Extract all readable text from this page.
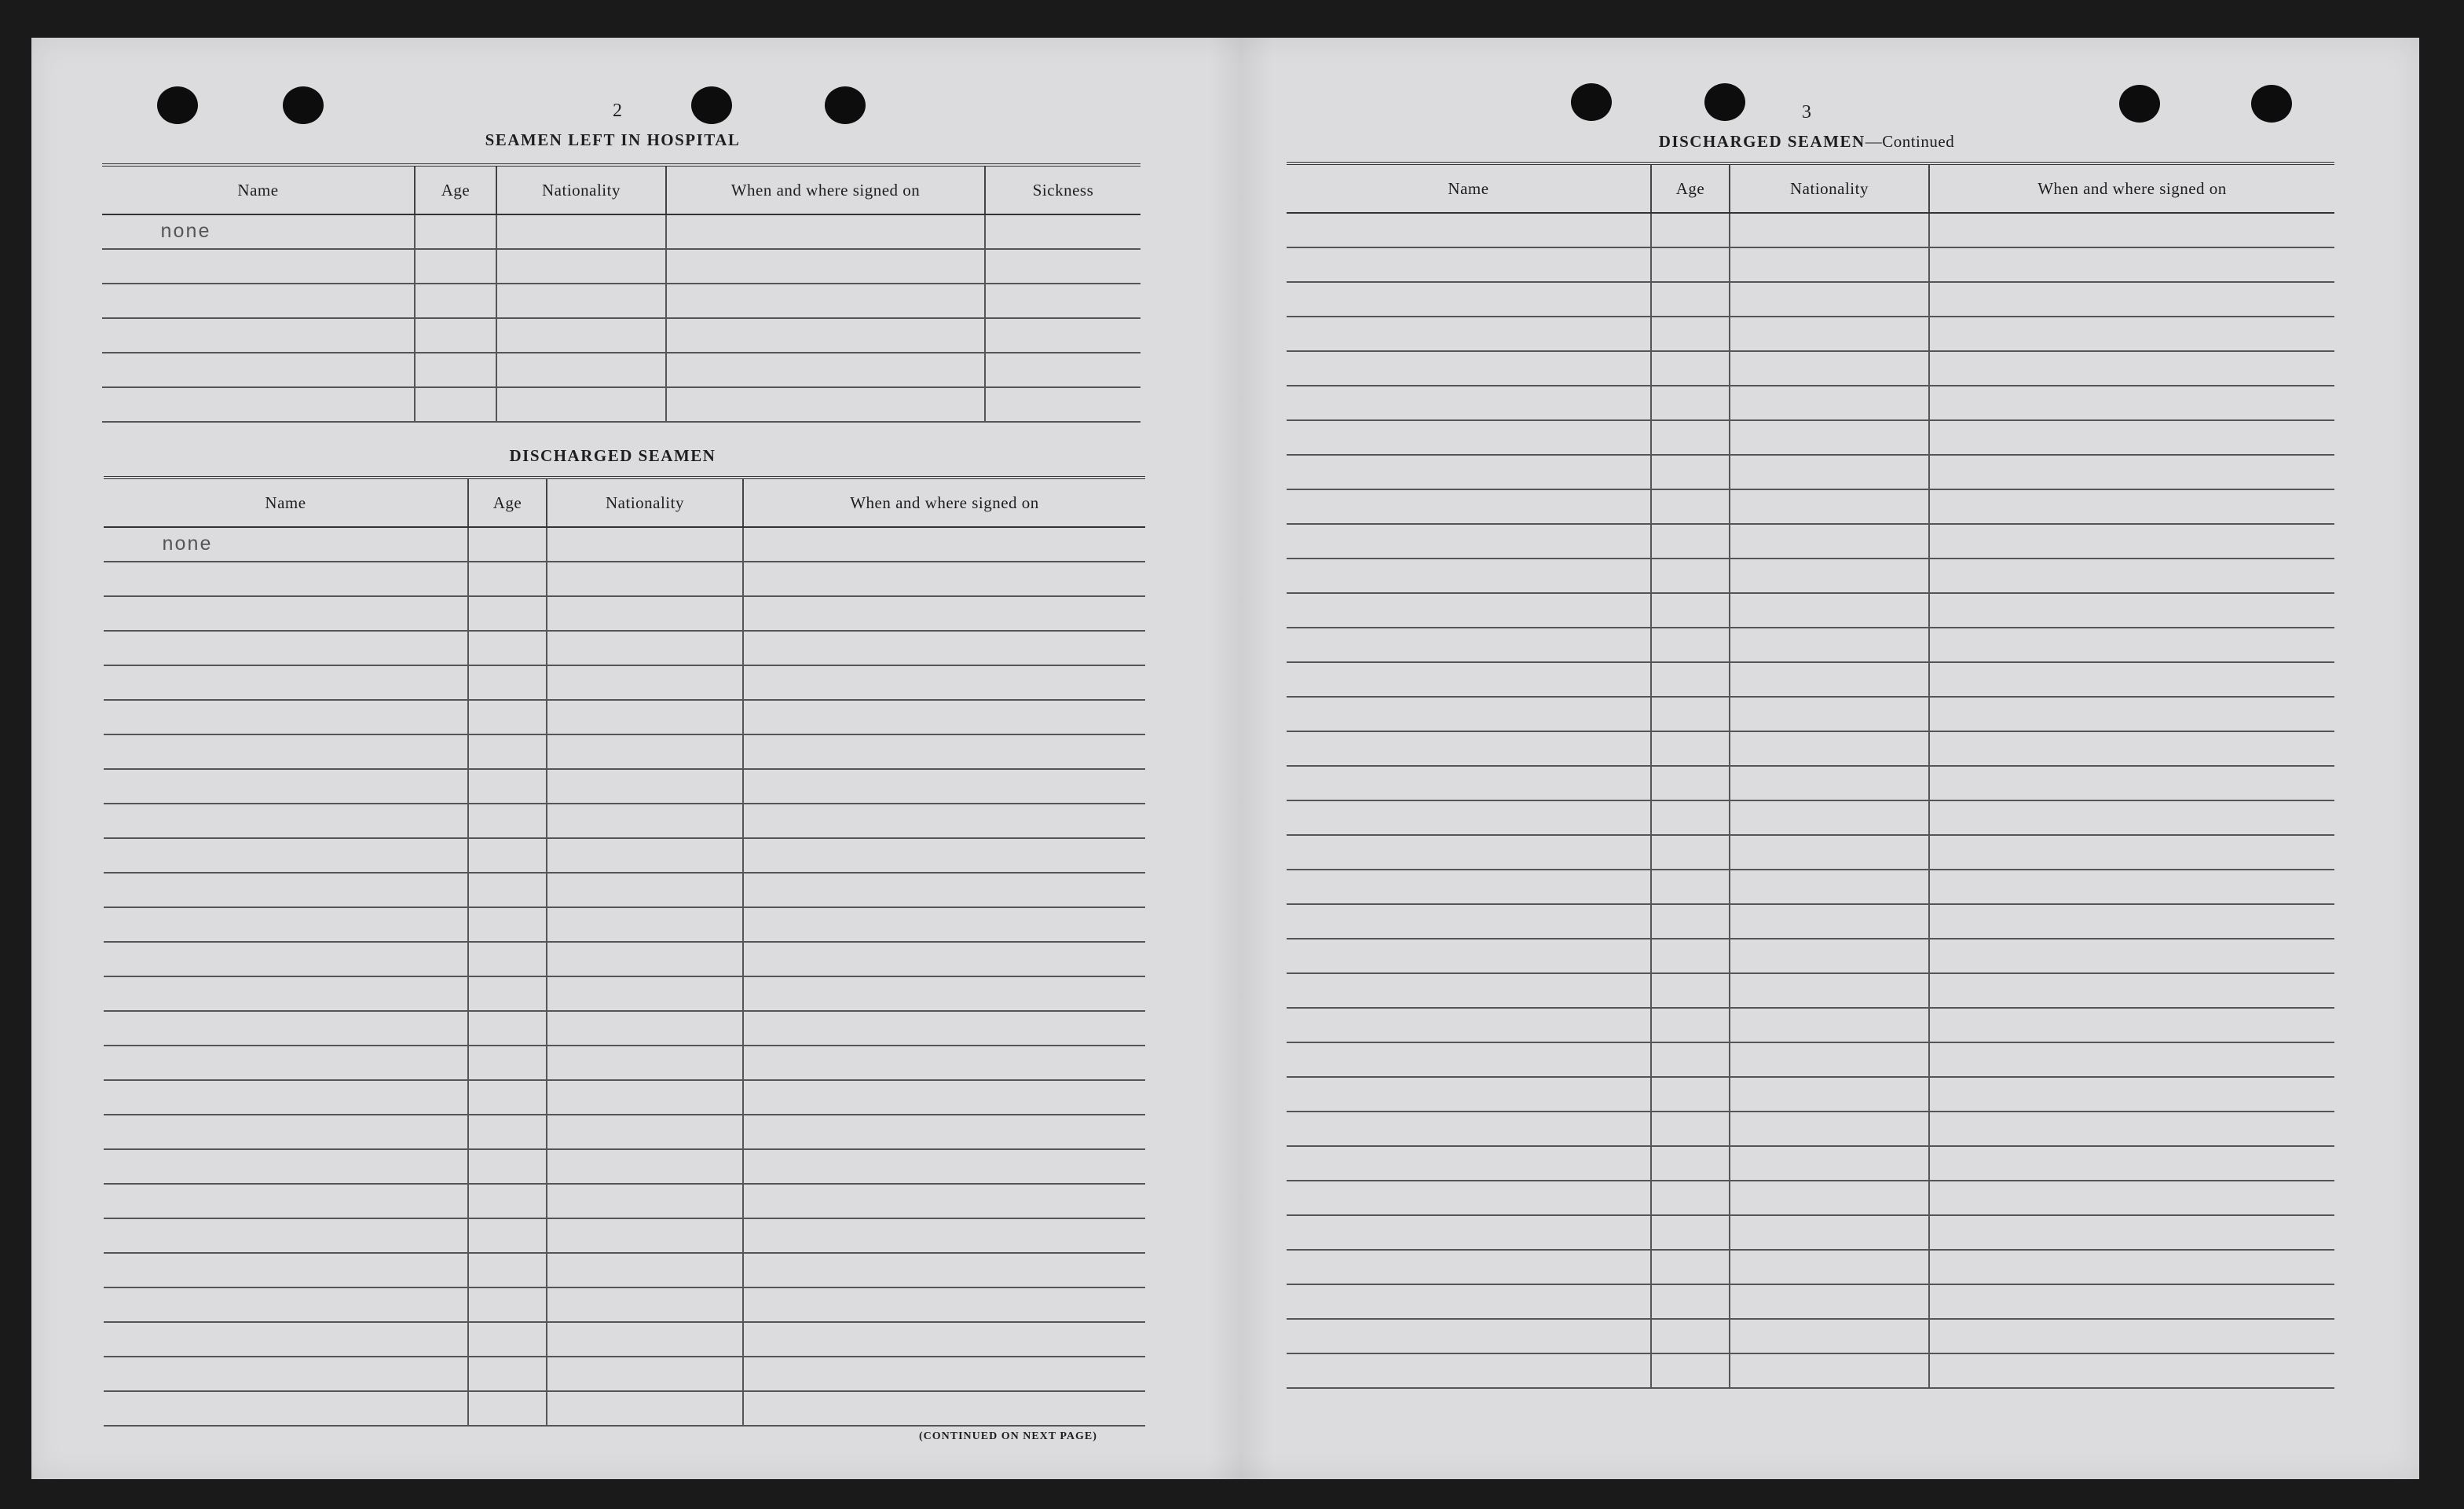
2
SEAMEN LEFT IN HOSPITAL
Name	Age	Nationality	When and where signed on	Sickness
none				

DISCHARGED SEAMEN
Name	Age	Nationality	When and where signed on
none			

(CONTINUED ON NEXT PAGE)
3
DISCHARGED SEAMEN—Continued
Name	Age	Nationality	When and where signed on
